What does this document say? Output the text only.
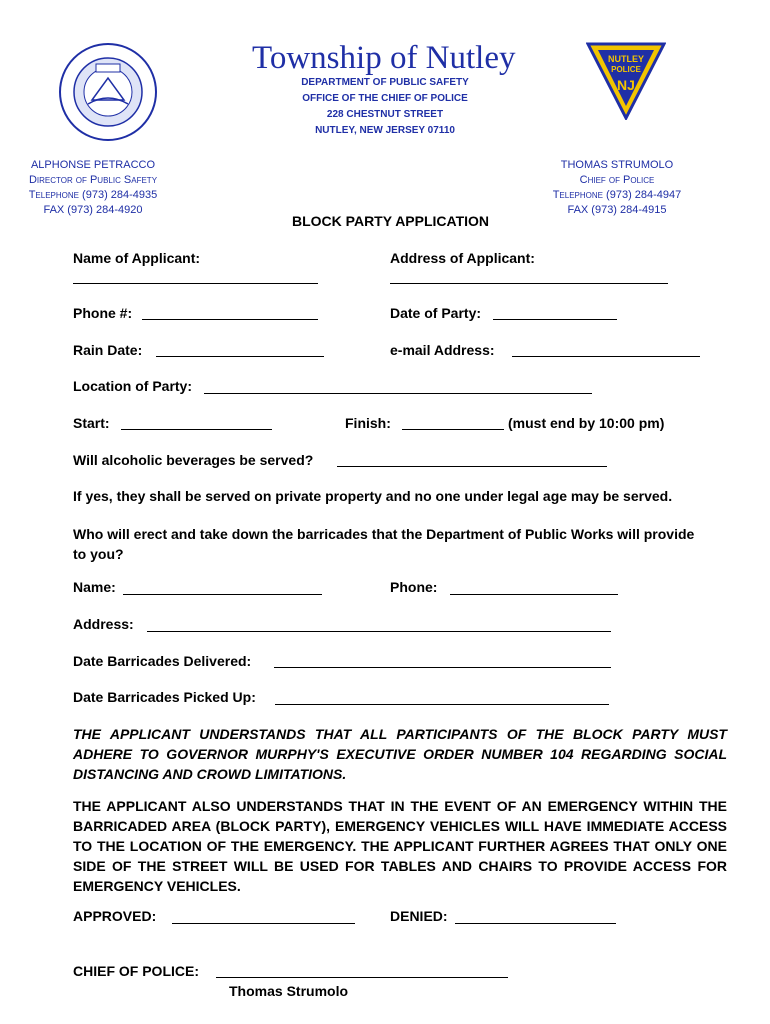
Township of Nutley
DEPARTMENT OF PUBLIC SAFETY
OFFICE OF THE CHIEF OF POLICE
228 CHESTNUT STREET
NUTLEY, NEW JERSEY 07110
NUTLEY
POLICE
NJ
ALPHONSE PETRACCO
Director of Public Safety
Telephone (973) 284-4935
FAX (973) 284-4920
THOMAS STRUMOLO
Chief of Police
Telephone (973) 284-4947
FAX (973) 284-4915
BLOCK PARTY APPLICATION
Name of Applicant:	Address of Applicant:
Phone #:	Date of Party:
Rain Date:	e-mail Address:
Location of Party:
Start:	Finish:	(must end by 10:00 pm)
Will alcoholic beverages be served?
If yes, they shall be served on private property and no one under legal age may be served.
Who will erect and take down the barricades that the Department of Public Works will provide to you?
Name:	Phone:
Address:
Date Barricades Delivered:
Date Barricades Picked Up:
THE APPLICANT UNDERSTANDS THAT ALL PARTICIPANTS OF THE BLOCK PARTY MUST ADHERE TO GOVERNOR MURPHY'S EXECUTIVE ORDER NUMBER 104 REGARDING SOCIAL DISTANCING AND CROWD LIMITATIONS.
THE APPLICANT ALSO UNDERSTANDS THAT IN THE EVENT OF AN EMERGENCY WITHIN THE BARRICADED AREA (BLOCK PARTY), EMERGENCY VEHICLES WILL HAVE IMMEDIATE ACCESS TO THE LOCATION OF THE EMERGENCY. THE APPLICANT FURTHER AGREES THAT ONLY ONE SIDE OF THE STREET WILL BE USED FOR TABLES AND CHAIRS TO PROVIDE ACCESS FOR EMERGENCY VEHICLES.
APPROVED:	DENIED:
CHIEF OF POLICE:
Thomas Strumolo
